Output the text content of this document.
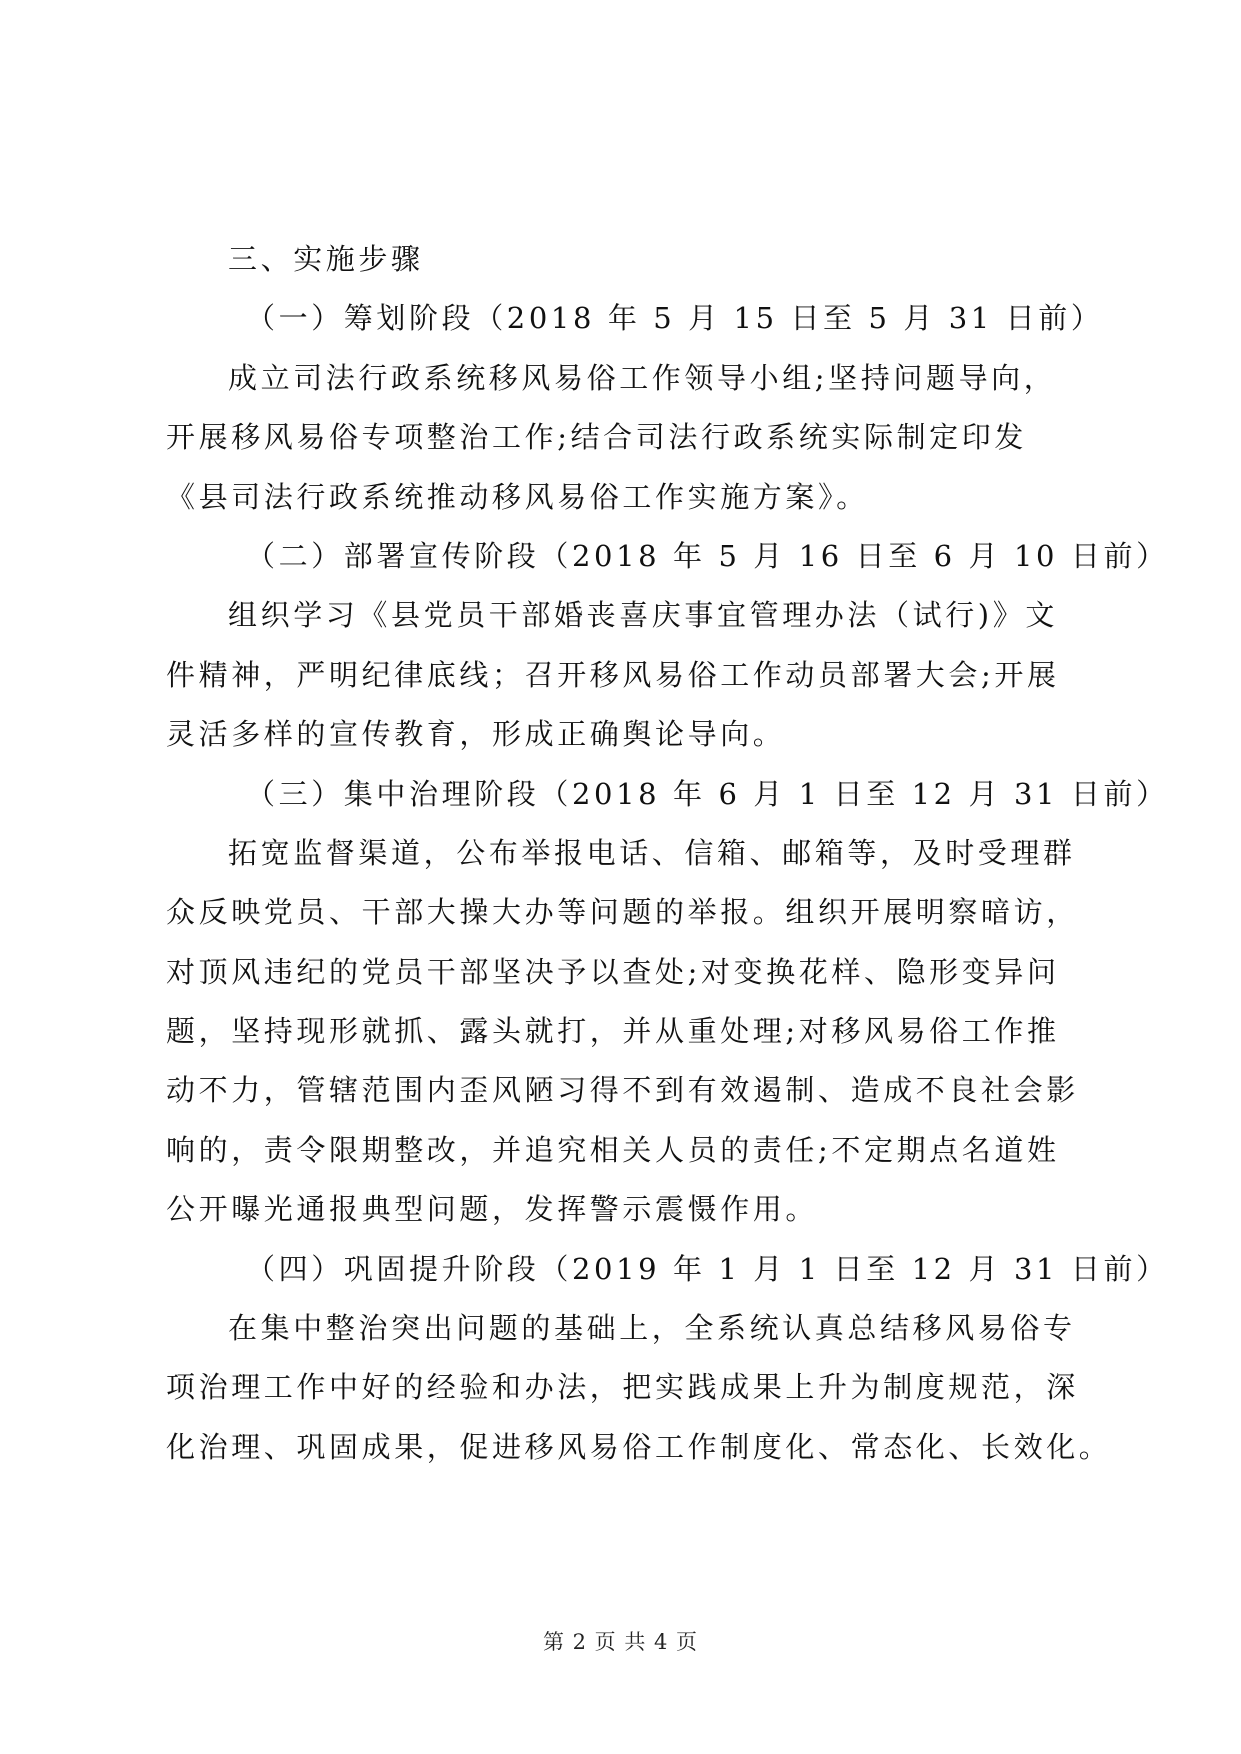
三、实施步骤
（一）筹划阶段（2018 年 5 月 15 日至 5 月 31 日前）
成立司法行政系统移风易俗工作领导小组;坚持问题导向，
开展移风易俗专项整治工作;结合司法行政系统实际制定印发
《县司法行政系统推动移风易俗工作实施方案》。
（二）部署宣传阶段（2018 年 5 月 16 日至 6 月 10 日前）
组织学习《县党员干部婚丧喜庆事宜管理办法（试行)》文
件精神，严明纪律底线；召开移风易俗工作动员部署大会;开展
灵活多样的宣传教育，形成正确舆论导向。
（三）集中治理阶段（2018 年 6 月 1 日至 12 月 31 日前）
拓宽监督渠道，公布举报电话、信箱、邮箱等，及时受理群
众反映党员、干部大操大办等问题的举报。组织开展明察暗访，
对顶风违纪的党员干部坚决予以查处;对变换花样、隐形变异问
题，坚持现形就抓、露头就打，并从重处理;对移风易俗工作推
动不力，管辖范围内歪风陋习得不到有效遏制、造成不良社会影
响的，责令限期整改，并追究相关人员的责任;不定期点名道姓
公开曝光通报典型问题，发挥警示震慑作用。
（四）巩固提升阶段（2019 年 1 月 1 日至 12 月 31 日前）
在集中整治突出问题的基础上，全系统认真总结移风易俗专
项治理工作中好的经验和办法，把实践成果上升为制度规范，深
化治理、巩固成果，促进移风易俗工作制度化、常态化、长效化。
第 2 页 共 4 页
